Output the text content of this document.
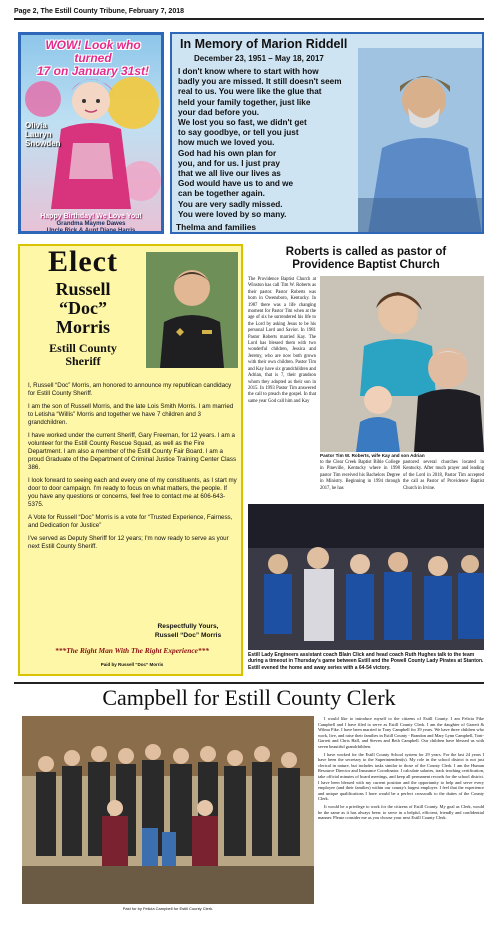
Page 2, The Estill County Tribune, February 7, 2018
WOW! Look who turned
17 on January 31st!
Olivia
Lauryn
Snowden
Happy Birthday! We Love You!
Grandma Mayme Dawes
Uncle Rick & Aunt Diane Harris
In Memory of Marion Riddell
December 23, 1951 – May 18, 2017
I don't know where to start with how
badly you are missed. It still doesn't seem
real to us. You were like the glue that
held your family together, just like
your dad before you.
We lost you so fast, we didn't get
to say goodbye, or tell you just
how much we loved you.
God had his own plan for
you, and for us. I just pray
that we all live our lives as
God would have us to and we
can be together again.
You are very sadly missed.
You were loved by so many.
Thelma and families
Elect
Russell
“Doc”
Morris
Estill County
Sheriff

I, Russell “Doc” Morris, am honored to announce my republican candidacy for Estill County Sheriff.

I am the son of Russell Morris, and the late Lois Smith Morris. I am married to Letisha “Willis” Morris and together we have 7 children and 3 grandchildren.

I have worked under the current Sheriff, Gary Freeman, for 12 years. I am a volunteer for the Estill County Rescue Squad, as well as the Fire Department. I am also a member of the Estill County Fair Board. I am a proud Graduate of the Department of Criminal Justice Training Center Class 386.

I look forward to seeing each and every one of my constituents, as I start my door to door campaign. I'm ready to focus on what matters, the people. If you have any questions or concerns, feel free to contact me at 606-643-5375.

A Vote for Russell “Doc” Morris is a vote for “Trusted Experience, Fairness, and Dedication for Justice”

I've served as Deputy Sheriff for 12 years; I'm now ready to serve as your next Estill County Sheriff.

Respectfully Yours,
Russell “Doc” Morris
***The Right Man With The Right Experience***
Paid by Russell “Doc” Morris
Roberts is called as pastor of
Providence Baptist Church
The Providence Baptist Church at Winston has call Tim W. Roberts as their pastor. Pastor Roberts was born in Owensboro, Kentucky. In 1987 there was a life changing moment for Pastor Tim when at the age of six he surrendered his life to the Lord by asking Jesus to be his personal Lord and Savior. In 1981 Pastor Roberts married Kay. The Lord has blessed them with two wonderful children, Jessica and Jeremy, who are now both grown with their own children. Pastor Tim and Kay have six grandchildren and Adrian, that is 7, their grandson whom they adopted as their son in 2015. In 1993 Pastor Tim answered the call to preach the gospel. In that same year God call him and Kay
Pastor Tim W. Roberts, wife Kay and son Adrian
to the Clear Creek Baptist Bible College in Pineville, Kentucky where in 1998 pastor Tim received his Bachelors Degree in Ministry. Beginning in 1994 through 2017, he has
pastored several churches located in Kentucky. After much prayer and leading of the Lord in 2018, Pastor Tim accepted the call as Pastor of Providence Baptist Church in Irvine.
Estill Lady Engineers assistant coach Blain Click and head coach Ruth Hughes talk to the team during a timeout in Thursday's game between Estill and the Powell County Lady Pirates at Stanton. Estill evened the home and away series with a 64-54 victory.
Campbell for Estill County Clerk
Paid for by Felicia Campbell for Estill County Clerk.

I would like to introduce myself to the citizens of Estill County. I am Felicia Fike Campbell and I have filed to serve as Estill County Clerk. I am the daughter of Garrett & Wilma Fike. I have been married to Tony Campbell for 39 years. We have three children who work, live, and raise their families in Estill County - Brandon and Mary Lynn Campbell, Toni-Garrett and Chris Hall, and Steven and Beth Campbell. Our children have blessed us with seven beautiful grandchildren.

I have worked for the Estill County School system for 29 years. For the last 24 years I have been the secretary to the Superintendent(s). My role in the school district is not just clerical in nature, but includes tasks similar to those of the County Clerk. I am the Human Resource Director and Insurance Coordinator. I calculate salaries, track teaching certification, take official minutes of board meetings, and keep all permanent records for the school district. I have been blessed with my current position and the opportunity to help and serve every employee (and their families) within our county's largest employer. I feel that the experience and unique qualifications I have would be a perfect crosswalk to the duties of the County Clerk.

It would be a privilege to work for the citizens of Estill County. My goal as Clerk, would be the same as it has always been: to serve in a helpful, efficient, friendly and confidential manner. Please consider me as you choose your next Estill County Clerk.
